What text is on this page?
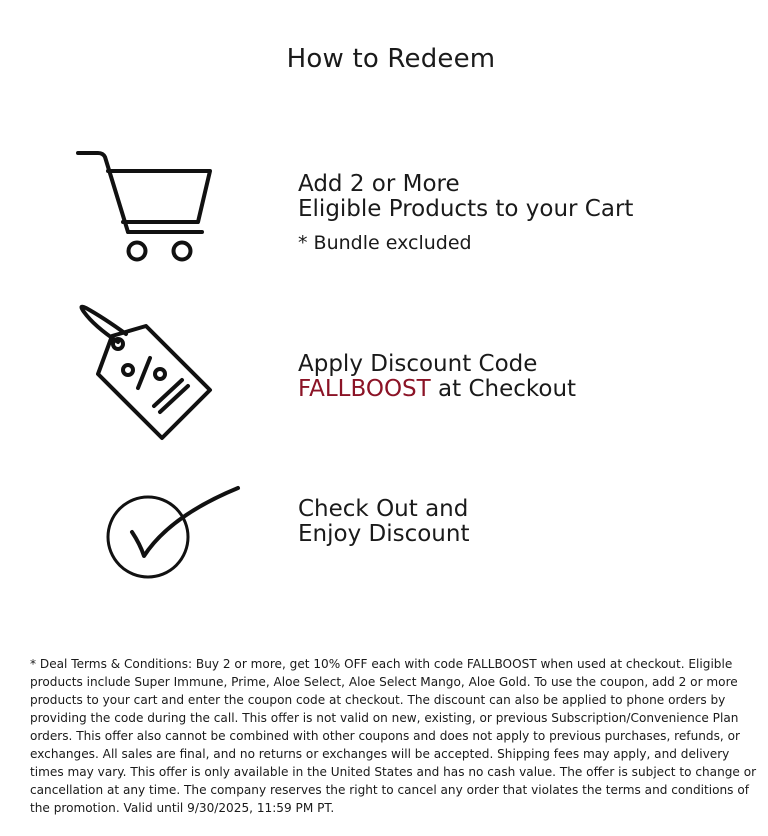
How to Redeem
Add 2 or More
Eligible Products to your Cart
* Bundle excluded
Apply Discount Code
FALLBOOST at Checkout
Check Out and
Enjoy Discount

* Deal Terms & Conditions: Buy 2 or more, get 10% OFF each with code FALLBOOST when used at checkout. Eligible products include Super Immune, Prime, Aloe Select, Aloe Select Mango, Aloe Gold. To use the coupon, add 2 or more products to your cart and enter the coupon code at checkout. The discount can also be applied to phone orders by providing the code during the call. This offer is not valid on new, existing, or previous Subscription/Convenience Plan orders. This offer also cannot be combined with other coupons and does not apply to previous purchases, refunds, or exchanges. All sales are final, and no returns or exchanges will be accepted. Shipping fees may apply, and delivery times may vary. This offer is only available in the United States and has no cash value. The offer is subject to change or cancellation at any time. The company reserves the right to cancel any order that violates the terms and conditions of the promotion. Valid until 9/30/2025, 11:59 PM PT.
